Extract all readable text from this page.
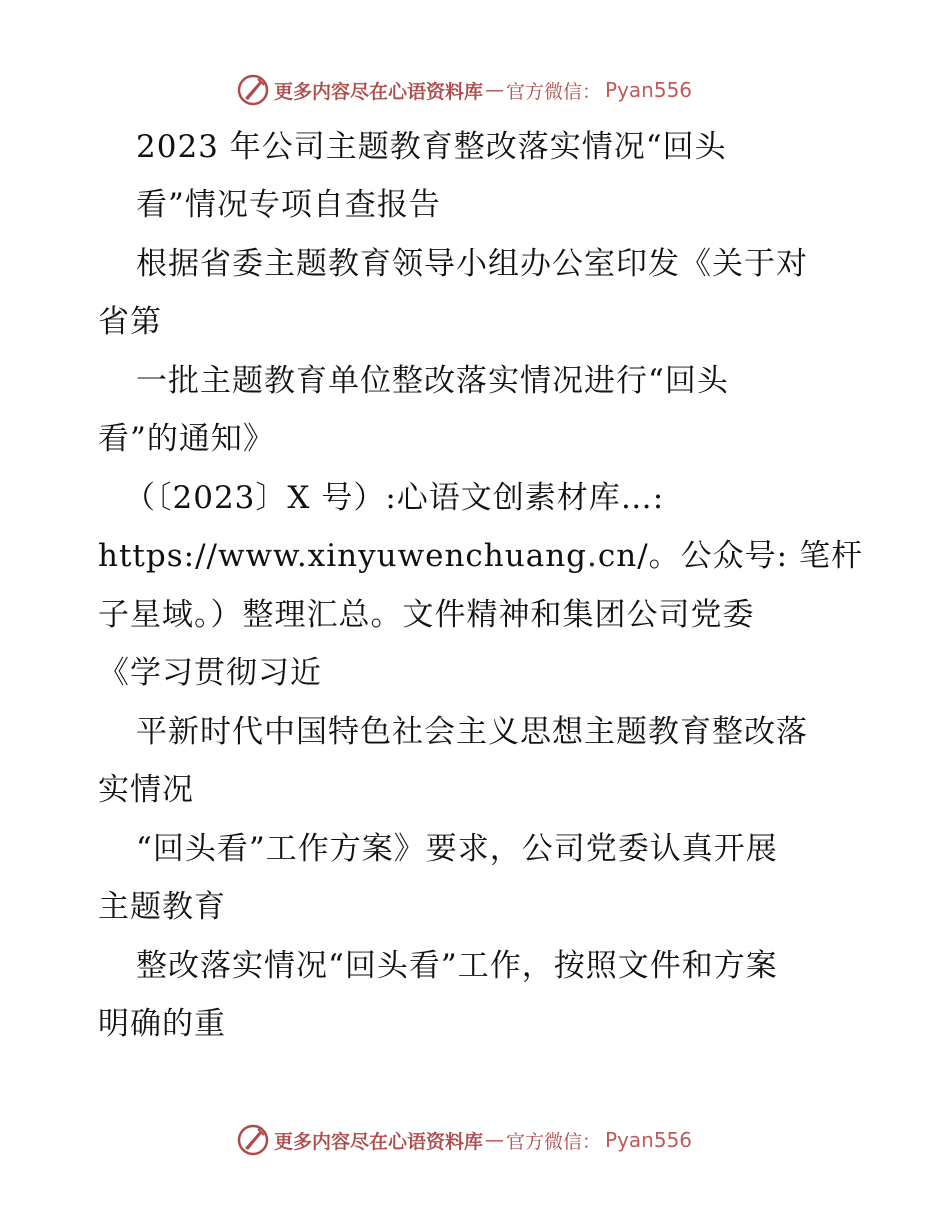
更多内容尽在心语资料库 — 官方微信： Pyan556
2023 年公司主题教育整改落实情况“回头
看”情况专项自查报告
根据省委主题教育领导小组办公室印发《关于对
省第
一批主题教育单位整改落实情况进行“回头
看”的通知》
（〔2023〕X 号）:心语文创素材库…:
https://www.xinyuwenchuang.cn/。公众号: 笔杆
子星域。）整理汇总。文件精神和集团公司党委
《学习贯彻习近
平新时代中国特色社会主义思想主题教育整改落
实情况
“回头看”工作方案》要求，公司党委认真开展
主题教育
整改落实情况“回头看”工作，按照文件和方案
明确的重
更多内容尽在心语资料库 — 官方微信： Pyan556
